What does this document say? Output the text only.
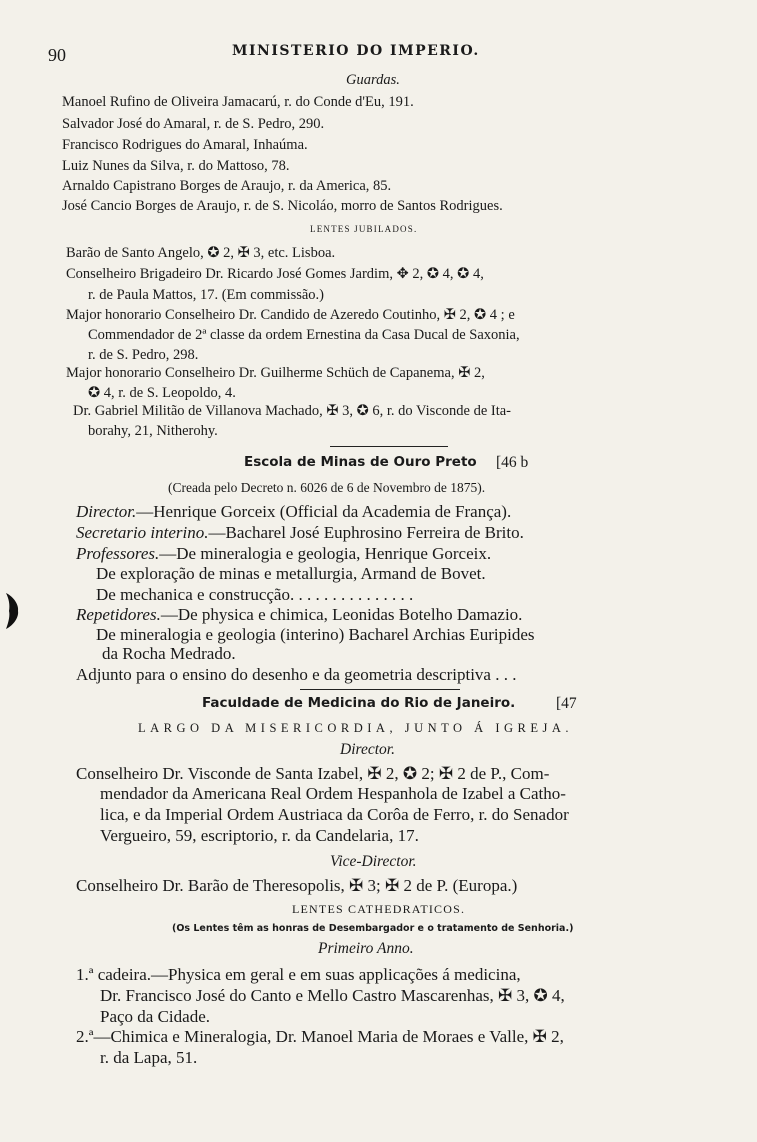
90	MINISTERIO DO IMPERIO.
Guardas.
Manoel Rufino de Oliveira Jamacarú, r. do Conde d'Eu, 191.
Salvador José do Amaral, r. de S. Pedro, 290.
Francisco Rodrigues do Amaral, Inhaúma.
Luiz Nunes da Silva, r. do Mattoso, 78.
Arnaldo Capistrano Borges de Araujo, r. da America, 85.
José Cancio Borges de Araujo, r. de S. Nicoláo, morro de Santos Rodrigues.
LENTES JUBILADOS.
Barão de Santo Angelo, ✪ 2, ✠ 3, etc. Lisboa.
Conselheiro Brigadeiro Dr. Ricardo José Gomes Jardim, ✥ 2, ✪ 4, ✪ 4,
r. de Paula Mattos, 17. (Em commissão.)
Major honorario Conselheiro Dr. Candido de Azeredo Coutinho, ✠ 2, ✪ 4 ; e
Commendador de 2ª classe da ordem Ernestina da Casa Ducal de Saxonia,
r. de S. Pedro, 298.
Major honorario Conselheiro Dr. Guilherme Schüch de Capanema, ✠ 2,
✪ 4, r. de S. Leopoldo, 4.
Dr. Gabriel Militão de Villanova Machado, ✠ 3, ✪ 6, r. do Visconde de Ita-
borahy, 21, Nitherohy.
Escola de Minas de Ouro Preto [46 b
(Creada pelo Decreto n. 6026 de 6 de Novembro de 1875).
Director.—Henrique Gorceix (Official da Academia de França).
Secretario interino.—Bacharel José Euphrosino Ferreira de Brito.
Professores.—De mineralogia e geologia, Henrique Gorceix.
De exploração de minas e metallurgia, Armand de Bovet.
De mechanica e construcção. . . . . . . . . . . . . . .
Repetidores.—De physica e chimica, Leonidas Botelho Damazio.
De mineralogia e geologia (interino) Bacharel Archias Euripides
da Rocha Medrado.
Adjunto para o ensino do desenho e da geometria descriptiva . . .
Faculdade de Medicina do Rio de Janeiro.	[47
LARGO DA MISERICORDIA, JUNTO Á IGREJA.
Director.
Conselheiro Dr. Visconde de Santa Izabel, ✠ 2, ✪ 2; ✠ 2 de P., Com-
mendador da Americana Real Ordem Hespanhola de Izabel a Catho-
lica, e da Imperial Ordem Austriaca da Corôa de Ferro, r. do Senador
Vergueiro, 59, escriptorio, r. da Candelaria, 17.
Vice-Director.
Conselheiro Dr. Barão de Theresopolis, ✠ 3; ✠ 2 de P. (Europa.)
LENTES CATHEDRATICOS.
(Os Lentes têm as honras de Desembargador e o tratamento de Senhoria.)
Primeiro Anno.
1.ª cadeira.—Physica em geral e em suas applicações á medicina,
Dr. Francisco José do Canto e Mello Castro Mascarenhas, ✠ 3, ✪ 4,
Paço da Cidade.
2.ª—Chimica e Mineralogia, Dr. Manoel Maria de Moraes e Valle, ✠ 2,
r. da Lapa, 51.
